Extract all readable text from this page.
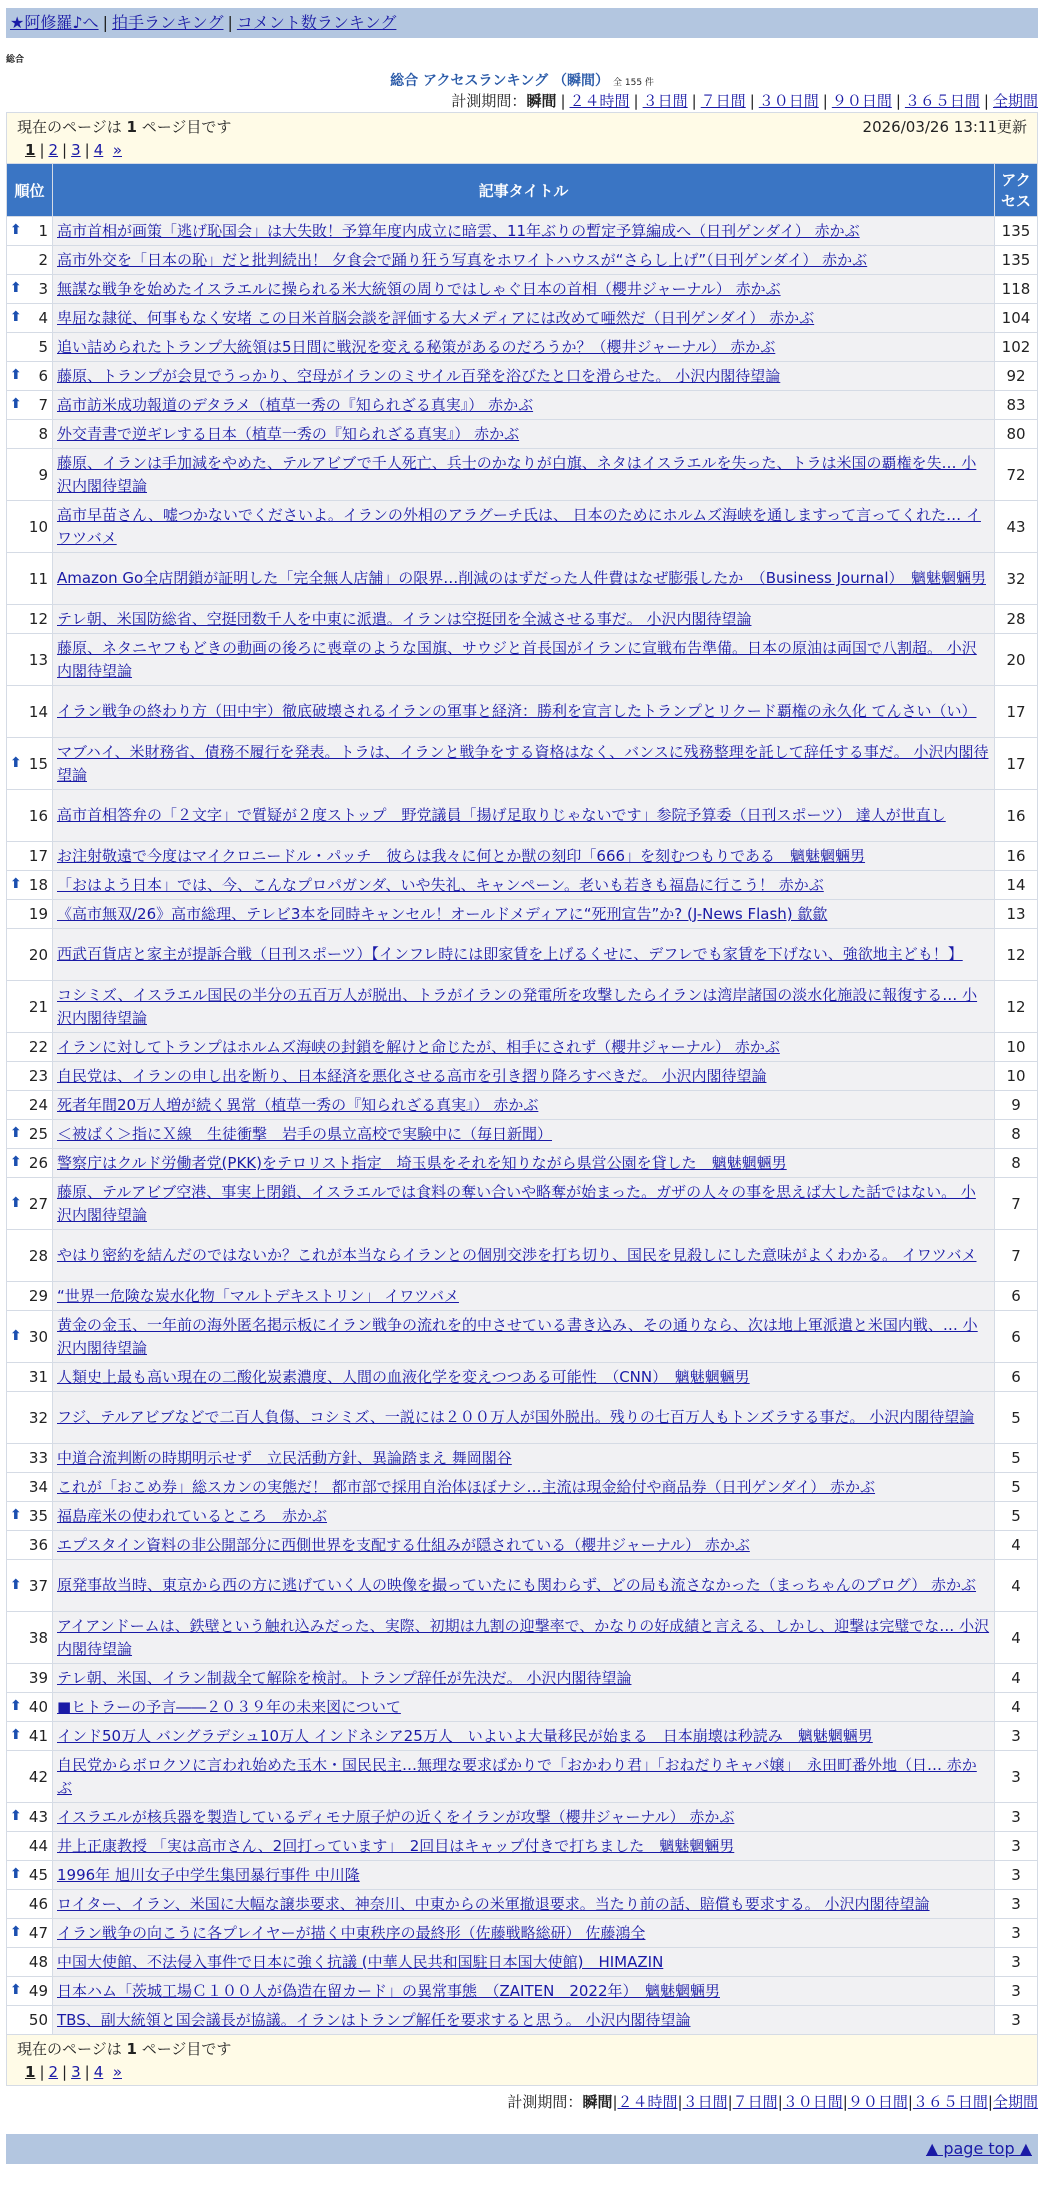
★阿修羅♪へ | 拍手ランキング | コメント数ランキング
総合
総合 アクセスランキング （瞬間） 全 155 件
計測期間：瞬間 | ２４時間 | ３日間 | ７日間 | ３０日間 | ９０日間 | ３６５日間 | 全期間
現在のページは 1 ページ目です 2026/03/26 13:11更新
1 | 2 | 3 | 4 »		

順位	記事タイトル	アクセス

⬆ 1	高市首相が画策「逃げ恥国会」は大失敗！予算年度内成立に暗雲、11年ぶりの暫定予算編成へ（日刊ゲンダイ） 赤かぶ	135
2	高市外交を「日本の恥」だと批判続出！ 夕食会で踊り狂う写真をホワイトハウスが“さらし上げ”（日刊ゲンダイ） 赤かぶ	135

⬆ 3	無謀な戦争を始めたイスラエルに操られる米大統領の周りではしゃぐ日本の首相（櫻井ジャーナル） 赤かぶ	118

⬆ 4	卑屈な隷従、何事もなく安堵 この日米首脳会談を評価する大メディアには改めて唖然だ（日刊ゲンダイ） 赤かぶ	104
5	追い詰められたトランプ大統領は5日間に戦況を変える秘策があるのだろうか？（櫻井ジャーナル） 赤かぶ	102

⬆ 6	藤原、トランプが会見でうっかり、空母がイランのミサイル百発を浴びたと口を滑らせた。 小沢内閣待望論	92

⬆ 7	高市訪米成功報道のデタラメ（植草一秀の『知られざる真実』） 赤かぶ	83
8	外交青書で逆ギレする日本（植草一秀の『知られざる真実』） 赤かぶ	80
9	藤原、イランは手加減をやめた、テルアビブで千人死亡、兵士のかなりが白旗、ネタはイスラエルを失った、トラは米国の覇権を失… 小沢内閣待望論	72
10	高市早苗さん、嘘つかないでくださいよ。イランの外相のアラグーチ氏は、 日本のためにホルムズ海峡を通しますって言ってくれた… イワツバメ	43
11	Amazon Go全店閉鎖が証明した「完全無人店舗」の限界…削減のはずだった人件費はなぜ膨張したか　（Business Journal）　魑魅魍魎男	32
12	テレ朝、米国防総省、空挺団数千人を中東に派遣。イランは空挺団を全滅させる事だ。 小沢内閣待望論	28
13	藤原、ネタニヤフもどきの動画の後ろに喪章のような国旗、サウジと首長国がイランに宣戦布告準備。日本の原油は両国で八割超。 小沢内閣待望論	20
14	イラン戦争の終わり方（田中宇）徹底破壊されるイランの軍事と経済：勝利を宣言したトランプとリクード覇権の永久化 てんさい（い）	17

⬆ 15	マブハイ、米財務省、債務不履行を発表。トラは、イランと戦争をする資格はなく、バンスに残務整理を託して辞任する事だ。 小沢内閣待望論	17
16	高市首相答弁の「２文字」で質疑が２度ストップ　野党議員「揚げ足取りじゃないです」参院予算委（日刊スポーツ） 達人が世直し	16
17	お注射敬遠で今度はマイクロニードル・パッチ　彼らは我々に何とか獣の刻印「666」を刻むつもりである　魑魅魍魎男	16

⬆ 18	「おはよう日本」では、今、こんなプロパガンダ、いや失礼、キャンペーン。老いも若きも福島に行こう！ 赤かぶ	14
19	《高市無双/26》高市総理、テレビ3本を同時キャンセル！オールドメディアに“死刑宣告”か? (J-News Flash) 歙歙	13
20	西武百貨店と家主が提訴合戦（日刊スポーツ）【インフレ時には即家賃を上げるくせに、デフレでも家賃を下げない、強欲地主ども！】	12
21	コシミズ、イスラエル国民の半分の五百万人が脱出、トラがイランの発電所を攻撃したらイランは湾岸諸国の淡水化施設に報復する… 小沢内閣待望論	12
22	イランに対してトランプはホルムズ海峡の封鎖を解けと命じたが、相手にされず（櫻井ジャーナル） 赤かぶ	10
23	自民党は、イランの申し出を断り、日本経済を悪化させる高市を引き摺り降ろすべきだ。 小沢内閣待望論	10
24	死者年間20万人増が続く異常（植草一秀の『知られざる真実』） 赤かぶ	9

⬆ 25	＜被ばく＞指にＸ線　生徒衝撃　岩手の県立高校で実験中に（毎日新聞）	8

⬆ 26	警察庁はクルド労働者党(PKK)をテロリスト指定　埼玉県をそれを知りながら県営公園を貸した　魑魅魍魎男	8

⬆ 27	藤原、テルアビブ空港、事実上閉鎖、イスラエルでは食料の奪い合いや略奪が始まった。ガザの人々の事を思えば大した話ではない。 小沢内閣待望論	7
28	やはり密約を結んだのではないか？これが本当ならイランとの個別交渉を打ち切り、国民を見殺しにした意味がよくわかる。 イワツバメ	7
29	“世界一危険な炭水化物「マルトデキストリン」 イワツバメ	6

⬆ 30	黄金の金玉、一年前の海外匿名掲示板にイラン戦争の流れを的中させている書き込み、その通りなら、次は地上軍派遣と米国内戦、… 小沢内閣待望論	6
31	人類史上最も高い現在の二酸化炭素濃度、人間の血液化学を変えつつある可能性　（CNN）　魑魅魍魎男	6
32	フジ、テルアビブなどで二百人負傷、コシミズ、一説には２００万人が国外脱出。残りの七百万人もトンズラする事だ。 小沢内閣待望論	5
33	中道合流判断の時期明示せず　立民活動方針、異論踏まえ 舞岡閣谷	5
34	これが「おこめ券」総スカンの実態だ！ 都市部で採用自治体ほぼナシ…主流は現金給付や商品券（日刊ゲンダイ） 赤かぶ	5

⬆ 35	福島産米の使われているところ　赤かぶ	5
36	エプスタイン資料の非公開部分に西側世界を支配する仕組みが隠されている（櫻井ジャーナル） 赤かぶ	4

⬆ 37	原発事故当時、東京から西の方に逃げていく人の映像を撮っていたにも関わらず、どの局も流さなかった（まっちゃんのブログ） 赤かぶ	4
38	アイアンドームは、鉄壁という触れ込みだった、実際、初期は九割の迎撃率で、かなりの好成績と言える、しかし、迎撃は完璧でな… 小沢内閣待望論	4
39	テレ朝、米国、イラン制裁全て解除を検討。トランプ辞任が先決だ。 小沢内閣待望論	4

⬆ 40	■ヒトラーの予言――２０３９年の未来図について	4

⬆ 41	インド50万人 バングラデシュ10万人 インドネシア25万人　いよいよ大量移民が始まる　日本崩壊は秒読み　魑魅魍魎男	3
42	自民党からボロクソに言われ始めた玉木・国民民主…無理な要求ばかりで「おかわり君」「おねだりキャバ嬢」　永田町番外地（日… 赤かぶ	3

⬆ 43	イスラエルが核兵器を製造しているディモナ原子炉の近くをイランが攻撃（櫻井ジャーナル） 赤かぶ	3
44	井上正康教授 「実は高市さん、2回打っています」　2回目はキャップ付きで打ちました　魑魅魍魎男	3

⬆ 45	1996年 旭川女子中学生集団暴行事件 中川隆	3
46	ロイター、イラン、米国に大幅な譲歩要求、神奈川、中東からの米軍撤退要求。当たり前の話、賠償も要求する。 小沢内閣待望論	3

⬆ 47	イラン戦争の向こうに各プレイヤーが描く中東秩序の最終形（佐藤戦略総研） 佐藤鴻全	3
48	中国大使館、不法侵入事件で日本に強く抗議 (中華人民共和国駐日本国大使館)　HIMAZIN	3

⬆ 49	日本ハム「茨城工場Ｃ１００人が偽造在留カード」の異常事態　（ZAITEN　2022年）　魑魅魍魎男	3
50	TBS、副大統領と国会議長が協議。イランはトランプ解任を要求すると思う。 小沢内閣待望論	3

現在のページは 1 ページ目です
1 | 2 | 3 | 4 »		
計測期間：瞬間|２４時間|３日間|７日間|３０日間|９０日間|３６５日間|全期間
▲ page top ▲
